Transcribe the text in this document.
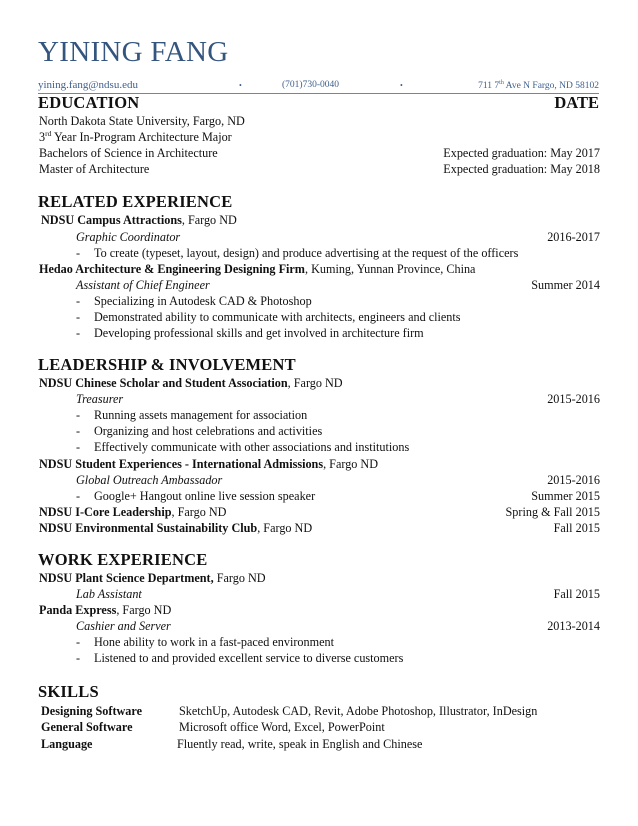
YINING FANG
yining.fang@ndsu.edu	•	(701)730-0040	•	711 7th Ave N Fargo, ND 58102
EDUCATION	DATE
North Dakota State University, Fargo, ND
3rd Year In-Program Architecture Major
Bachelors of Science in Architecture	Expected graduation: May 2017
Master of Architecture	Expected graduation: May 2018
RELATED EXPERIENCE
NDSU Campus Attractions, Fargo ND
Graphic Coordinator	2016-2017
- To create (typeset, layout, design) and produce advertising at the request of the officers
Hedao Architecture & Engineering Designing Firm, Kuming, Yunnan Province, China
Assistant of Chief Engineer	Summer 2014
- Specializing in Autodesk CAD & Photoshop
- Demonstrated ability to communicate with architects, engineers and clients
- Developing professional skills and get involved in architecture firm
LEADERSHIP & INVOLVEMENT
NDSU Chinese Scholar and Student Association, Fargo ND
Treasurer	2015-2016
- Running assets management for association
- Organizing and host celebrations and activities
- Effectively communicate with other associations and institutions
NDSU Student Experiences - International Admissions, Fargo ND
Global Outreach Ambassador	2015-2016
- Google+ Hangout online live session speaker	Summer 2015
NDSU I-Core Leadership, Fargo ND	Spring & Fall 2015
NDSU Environmental Sustainability Club, Fargo ND	Fall 2015
WORK EXPERIENCE
NDSU Plant Science Department, Fargo ND
Lab Assistant	Fall 2015
Panda Express, Fargo ND
Cashier and Server	2013-2014
- Hone ability to work in a fast-paced environment
- Listened to and provided excellent service to diverse customers
SKILLS
Designing Software	SketchUp, Autodesk CAD, Revit, Adobe Photoshop, Illustrator, InDesign
General Software	Microsoft office Word, Excel, PowerPoint
Language	Fluently read, write, speak in English and Chinese
